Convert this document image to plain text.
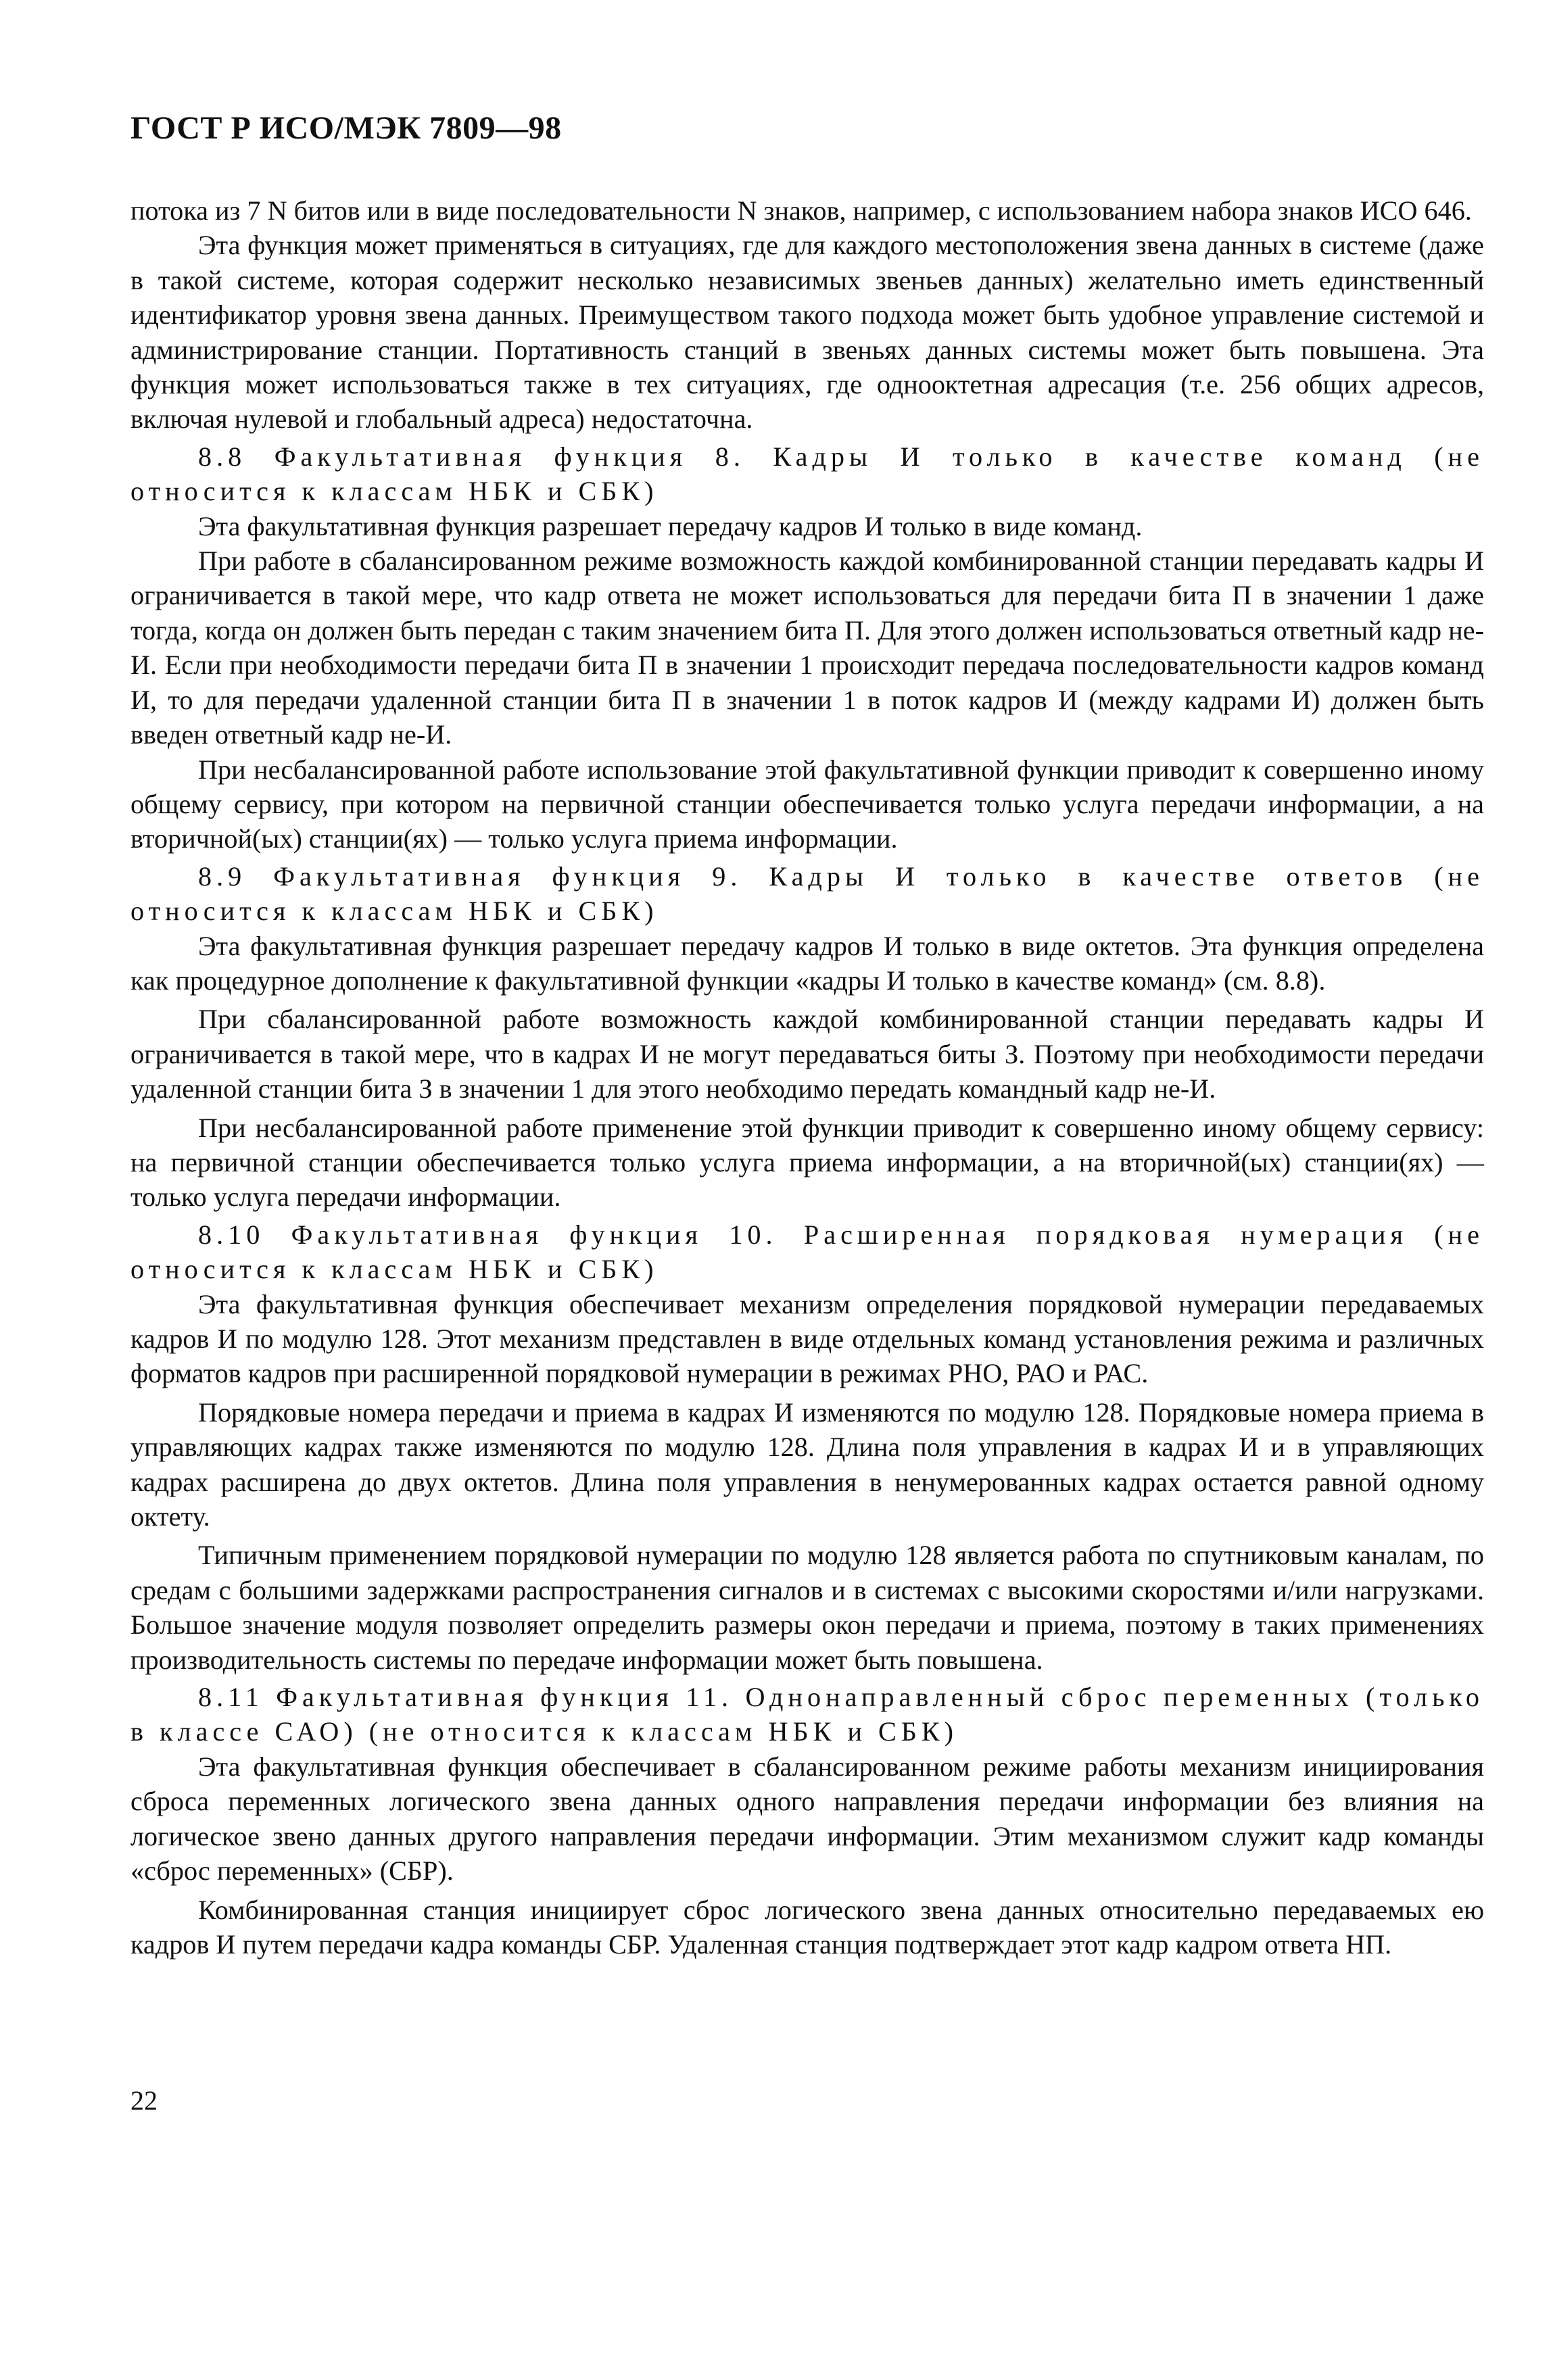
ГОСТ Р ИСО/МЭК 7809—98

потока из 7 N битов или в виде последовательности N знаков, например, с использованием набора знаков ИСО 646.

Эта функция может применяться в ситуациях, где для каждого местоположения звена данных в системе (даже в такой системе, которая содержит несколько независимых звеньев данных) желательно иметь единственный идентификатор уровня звена данных. Преимуществом такого подхода может быть удобное управление системой и администрирование станции. Портативность станций в звеньях данных системы может быть повышена. Эта функция может использоваться также в тех ситуациях, где однооктетная адресация (т.е. 256 общих адресов, включая нулевой и глобальный адреса) недостаточна.

8.8 Факультативная функция 8. Кадры И только в качестве команд (не относится к классам НБК и СБК)

Эта факультативная функция разрешает передачу кадров И только в виде команд.

При работе в сбалансированном режиме возможность каждой комбинированной станции передавать кадры И ограничивается в такой мере, что кадр ответа не может использоваться для передачи бита П в значении 1 даже тогда, когда он должен быть передан с таким значением бита П. Для этого должен использоваться ответный кадр не-И. Если при необходимости передачи бита П в значении 1 происходит передача последовательности кадров команд И, то для передачи удаленной станции бита П в значении 1 в поток кадров И (между кадрами И) должен быть введен ответный кадр не-И.

При несбалансированной работе использование этой факультативной функции приводит к совершенно иному общему сервису, при котором на первичной станции обеспечивается только услуга передачи информации, а на вторичной(ых) станции(ях) — только услуга приема информации.

8.9 Факультативная функция 9. Кадры И только в качестве ответов (не относится к классам НБК и СБК)

Эта факультативная функция разрешает передачу кадров И только в виде октетов. Эта функция определена как процедурное дополнение к факультативной функции «кадры И только в качестве команд» (см. 8.8).

При сбалансированной работе возможность каждой комбинированной станции передавать кадры И ограничивается в такой мере, что в кадрах И не могут передаваться биты З. Поэтому при необходимости передачи удаленной станции бита З в значении 1 для этого необходимо передать командный кадр не-И.

При несбалансированной работе применение этой функции приводит к совершенно иному общему сервису: на первичной станции обеспечивается только услуга приема информации, а на вторичной(ых) станции(ях) — только услуга передачи информации.

8.10 Факультативная функция 10. Расширенная порядковая нумерация (не относится к классам НБК и СБК)

Эта факультативная функция обеспечивает механизм определения порядковой нумерации передаваемых кадров И по модулю 128. Этот механизм представлен в виде отдельных команд установления режима и различных форматов кадров при расширенной порядковой нумерации в режимах РНО, РАО и РАС.

Порядковые номера передачи и приема в кадрах И изменяются по модулю 128. Порядковые номера приема в управляющих кадрах также изменяются по модулю 128. Длина поля управления в кадрах И и в управляющих кадрах расширена до двух октетов. Длина поля управления в ненумерованных кадрах остается равной одному октету.

Типичным применением порядковой нумерации по модулю 128 является работа по спутниковым каналам, по средам с большими задержками распространения сигналов и в системах с высокими скоростями и/или нагрузками. Большое значение модуля позволяет определить размеры окон передачи и приема, поэтому в таких применениях производительность системы по передаче информации может быть повышена.

8.11 Факультативная функция 11. Однонаправленный сброс переменных (только в классе САО) (не относится к классам НБК и СБК)

Эта факультативная функция обеспечивает в сбалансированном режиме работы механизм инициирования сброса переменных логического звена данных одного направления передачи информации без влияния на логическое звено данных другого направления передачи информации. Этим механизмом служит кадр команды «сброс переменных» (СБР).

Комбинированная станция инициирует сброс логического звена данных относительно передаваемых ею кадров И путем передачи кадра команды СБР. Удаленная станция подтверждает этот кадр кадром ответа НП.

22
